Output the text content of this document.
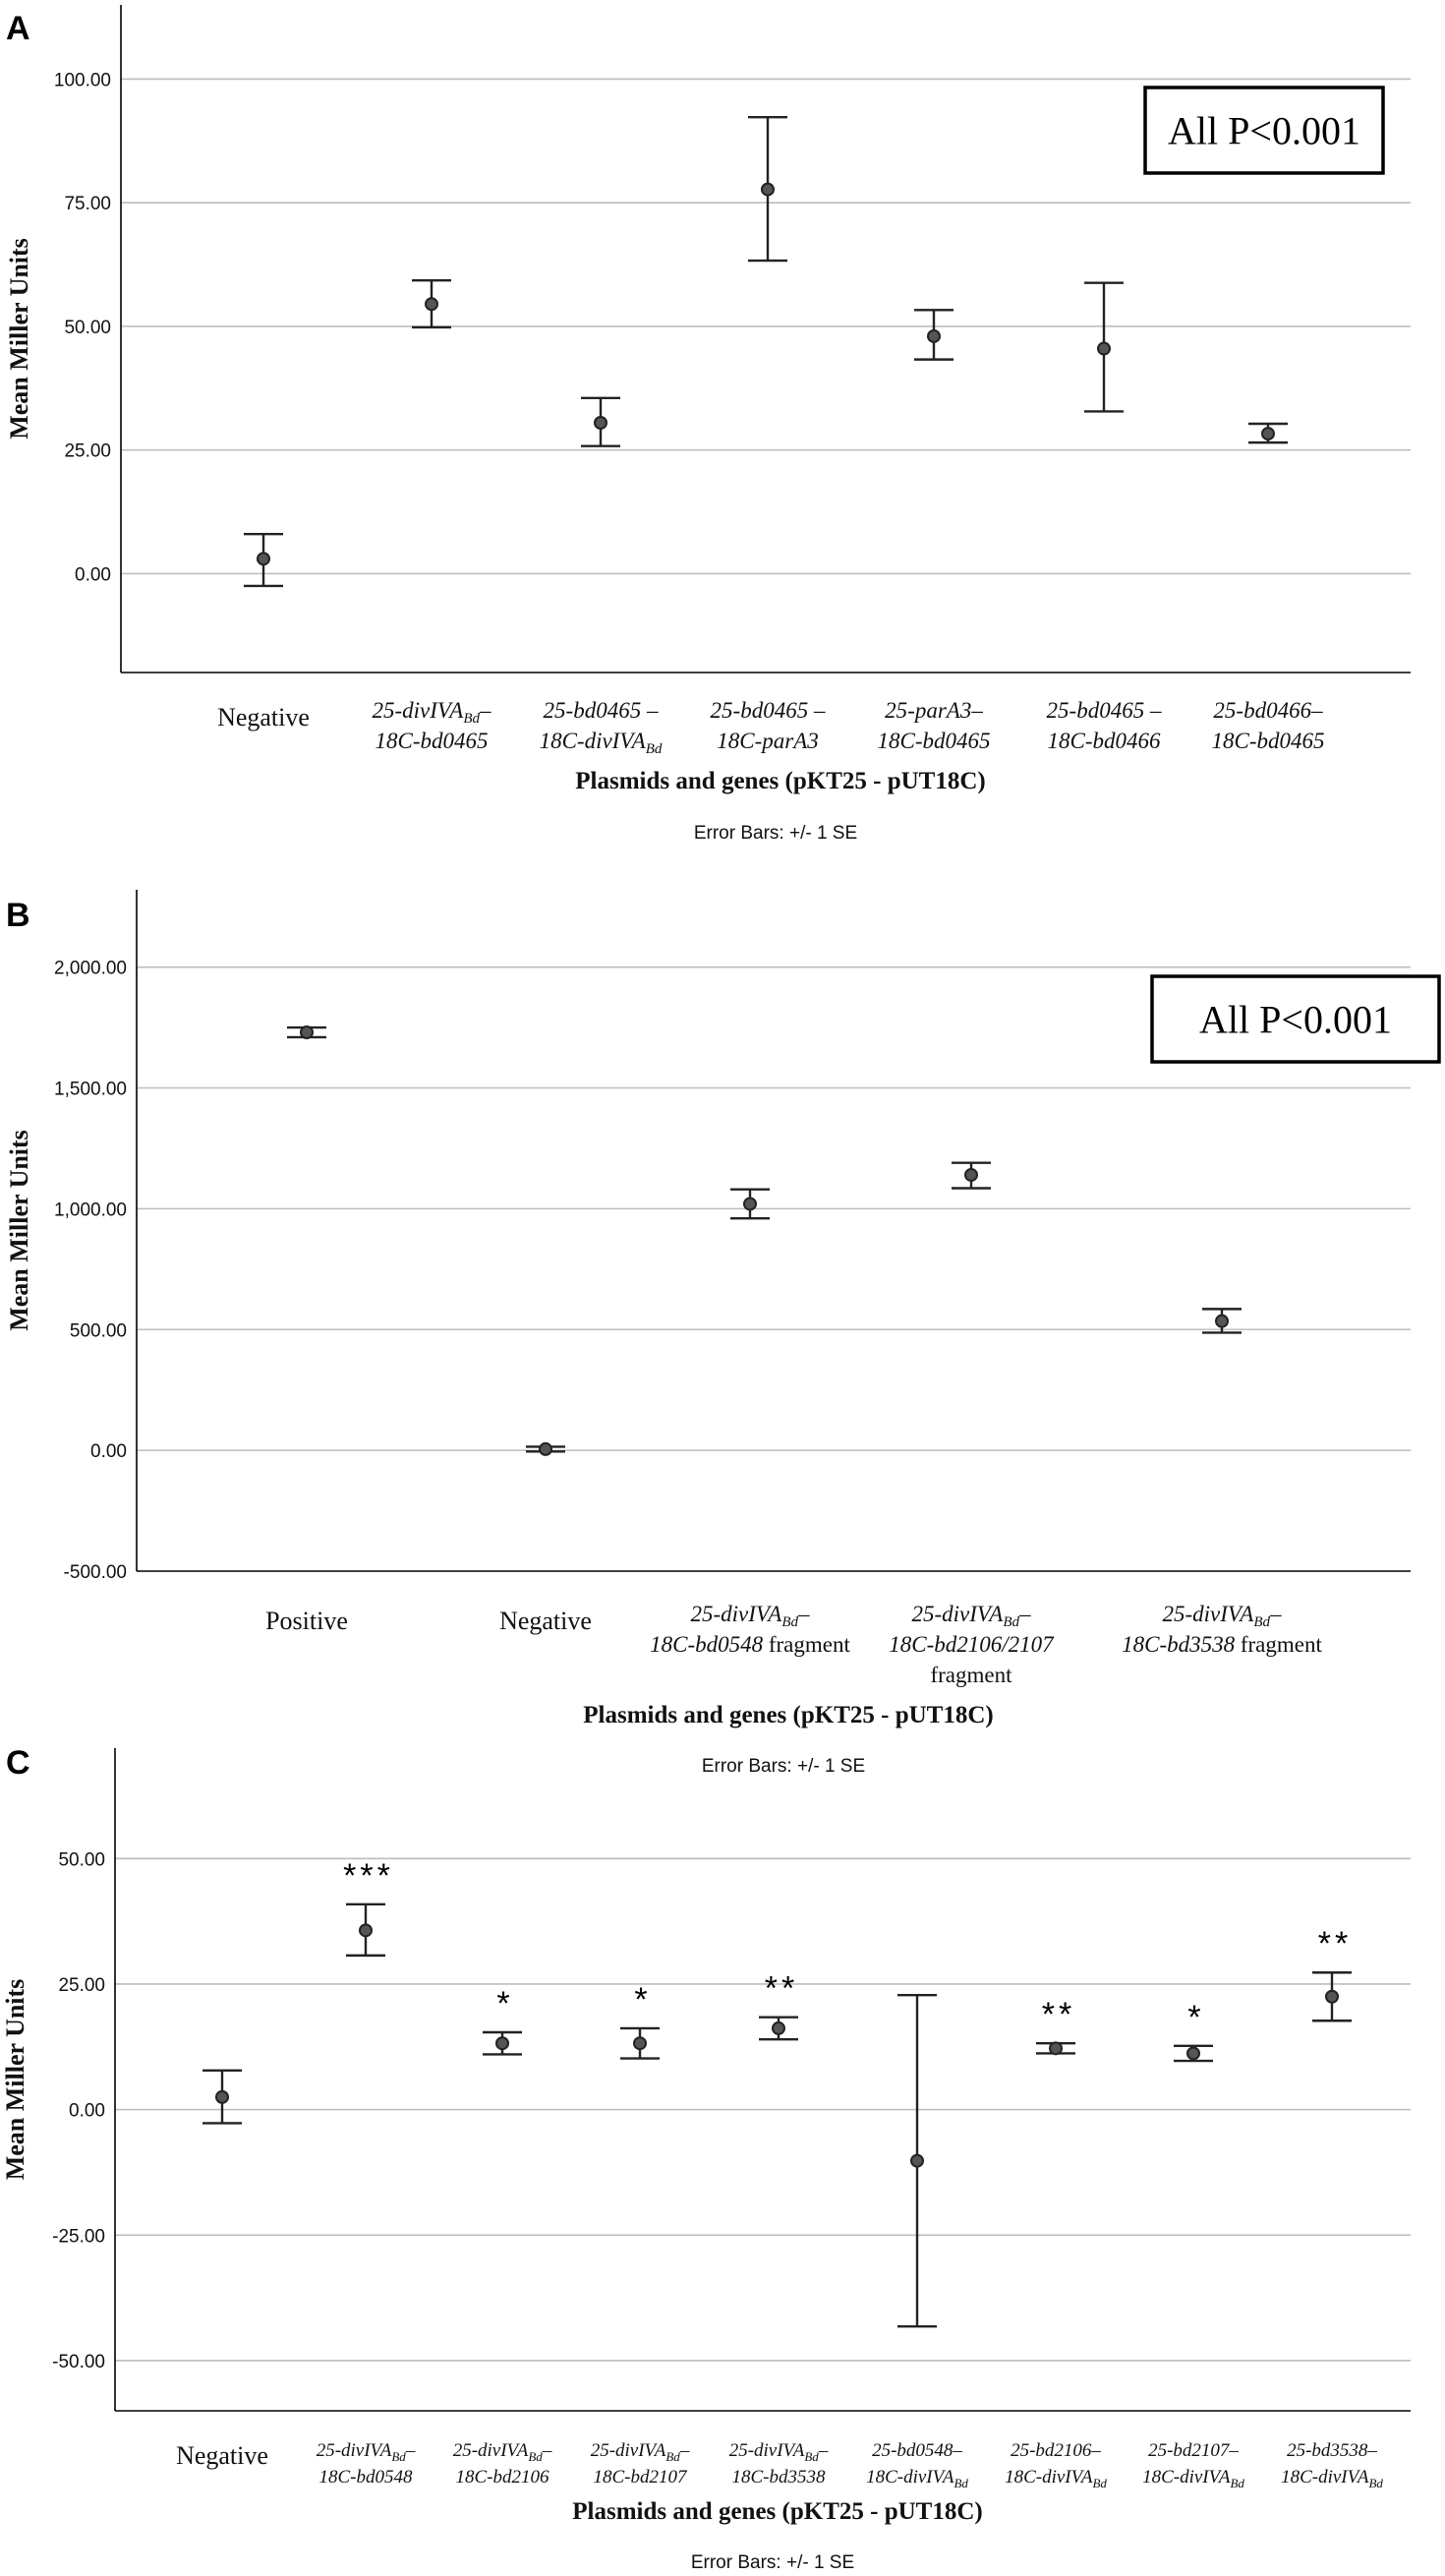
A
0.00
25.00
50.00
75.00
100.00
Mean Miller Units
Plasmids and genes (pKT25 - pUT18C)
Error Bars: +/- 1 SE
Negative	25-divIVA$_{Bd}$–
18C-bd0465
25-bd0465 –
18C-divIVA$_{Bd}$
25-bd0465 –
18C-parA3
25-parA3–
18C-bd0465
25-bd0465 –
18C-bd0466
25-bd0466–
18C-bd0465
All P<0.001
B
-500.00
0.00
500.00
1,000.00
1,500.00
2,000.00
Mean Miller Units
Plasmids and genes (pKT25 - pUT18C)
Error Bars: +/- 1 SE
Positive	Negative	25-divIVA$_{Bd}$–
18C-bd0548 fragment
25-divIVA$_{Bd}$–
18C-bd2106/2107
fragment
25-divIVA$_{Bd}$–
18C-bd3538 fragment
All P<0.001
C
-50.00
-25.00
0.00
25.00
50.00
Mean Miller Units
Plasmids and genes (pKT25 - pUT18C)
Error Bars: +/- 1 SE
Negative	25-divIVA$_{Bd}$–
18C-bd0548
25-divIVA$_{Bd}$–
18C-bd2106
25-divIVA$_{Bd}$–
18C-bd2107
25-divIVA$_{Bd}$–
18C-bd3538
25-bd0548–
18C-divIVA$_{Bd}$
25-bd2106–
18C-divIVA$_{Bd}$
25-bd2107–
18C-divIVA$_{Bd}$
25-bd3538–
18C-divIVA$_{Bd}$
***
*	*	**
**	*
**
